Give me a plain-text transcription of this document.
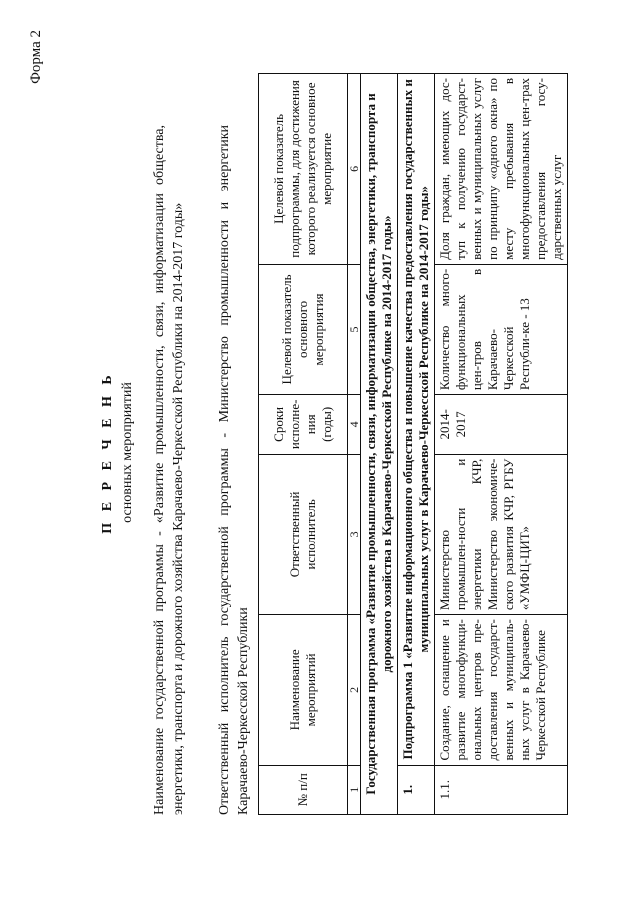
Форма 2
П Е Р Е Ч Е Н Ь основных мероприятий Наименование государственной программы - «Развитие промышленности, связи, информатизации общества, энергетики, транспорта и дорожного хозяйства Карачаево-Черкесской Республики на 2014-2017 годы» Ответственный исполнитель государственной программы - Министерство промышленности и энергетики Карачаево-Черкесской Республики	№ п/п	Наименование мероприятий	Ответственный исполнитель	Сроки исполне- ния (годы)	Целевой показатель основного мероприятия	Целевой показатель подпрограммы, для достижения которого реализуется основное мероприятие
1	2	3	4	5	6
Государственная программа «Развитие промышленности, связи, информатизации общества, энергетики, транспорта и дорожного хозяйства в Карачаево-Черкесской Республике на 2014-2017 годы»					
1.	Подпрограмма 1 «Развитие информационного общества и повышение качества предоставления государственных и муниципальных услуг в Карачаево-Черкесской Республике на 2014-2017 годы»				
1.1.	Создание, оснащение и развитие многофункци-ональных центров пре-доставления государст-венных и муниципаль-ных услуг в Карачаево-Черкесской Республике	Министерство промышлен-ности и энергетики КЧР, Министерство экономиче-ского развития КЧР, РГБУ «УМФЦ-ЦИТ»	2014-2017	Количество много-функциональных цен-тров в Карачаево-Черкесской Республи-ке - 13	Доля граждан, имеющих дос-туп к получению государст-венных и муниципальных услуг по принципу «одного окна» по месту пребывания в многофункциональных цен-трах предоставления госу-дарственных услуг
